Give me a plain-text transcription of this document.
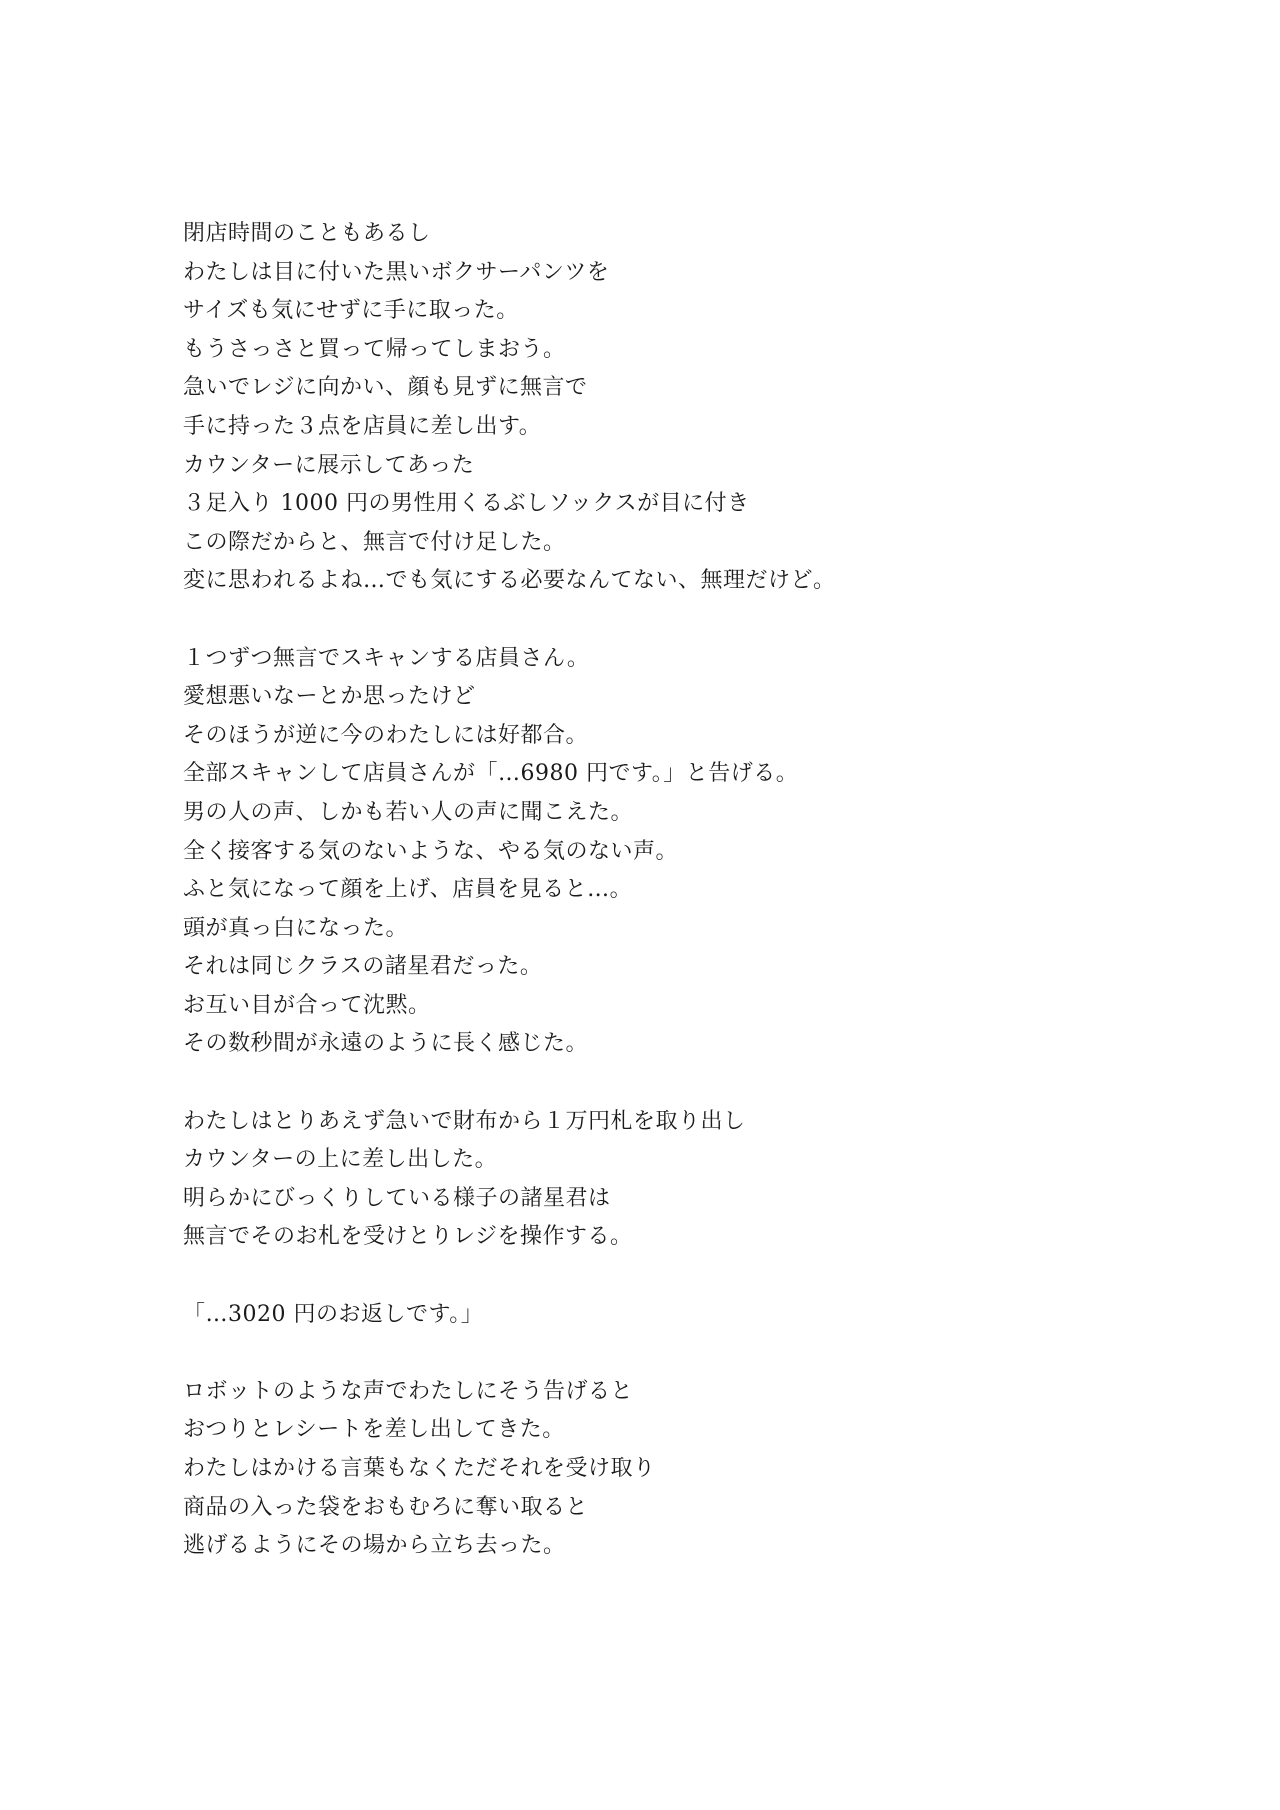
閉店時間のこともあるし
わたしは目に付いた黒いボクサーパンツを
サイズも気にせずに手に取った。
もうさっさと買って帰ってしまおう。
急いでレジに向かい、顔も見ずに無言で
手に持った３点を店員に差し出す。
カウンターに展示してあった
３足入り 1000 円の男性用くるぶしソックスが目に付き
この際だからと、無言で付け足した。
変に思われるよね…でも気にする必要なんてない、無理だけど。
１つずつ無言でスキャンする店員さん。
愛想悪いなーとか思ったけど
そのほうが逆に今のわたしには好都合。
全部スキャンして店員さんが「…6980 円です。」と告げる。
男の人の声、しかも若い人の声に聞こえた。
全く接客する気のないような、やる気のない声。
ふと気になって顔を上げ、店員を見ると…。
頭が真っ白になった。
それは同じクラスの諸星君だった。
お互い目が合って沈黙。
その数秒間が永遠のように長く感じた。
わたしはとりあえず急いで財布から１万円札を取り出し
カウンターの上に差し出した。
明らかにびっくりしている様子の諸星君は
無言でそのお札を受けとりレジを操作する。
「…3020 円のお返しです。」
ロボットのような声でわたしにそう告げると
おつりとレシートを差し出してきた。
わたしはかける言葉もなくただそれを受け取り
商品の入った袋をおもむろに奪い取ると
逃げるようにその場から立ち去った。
